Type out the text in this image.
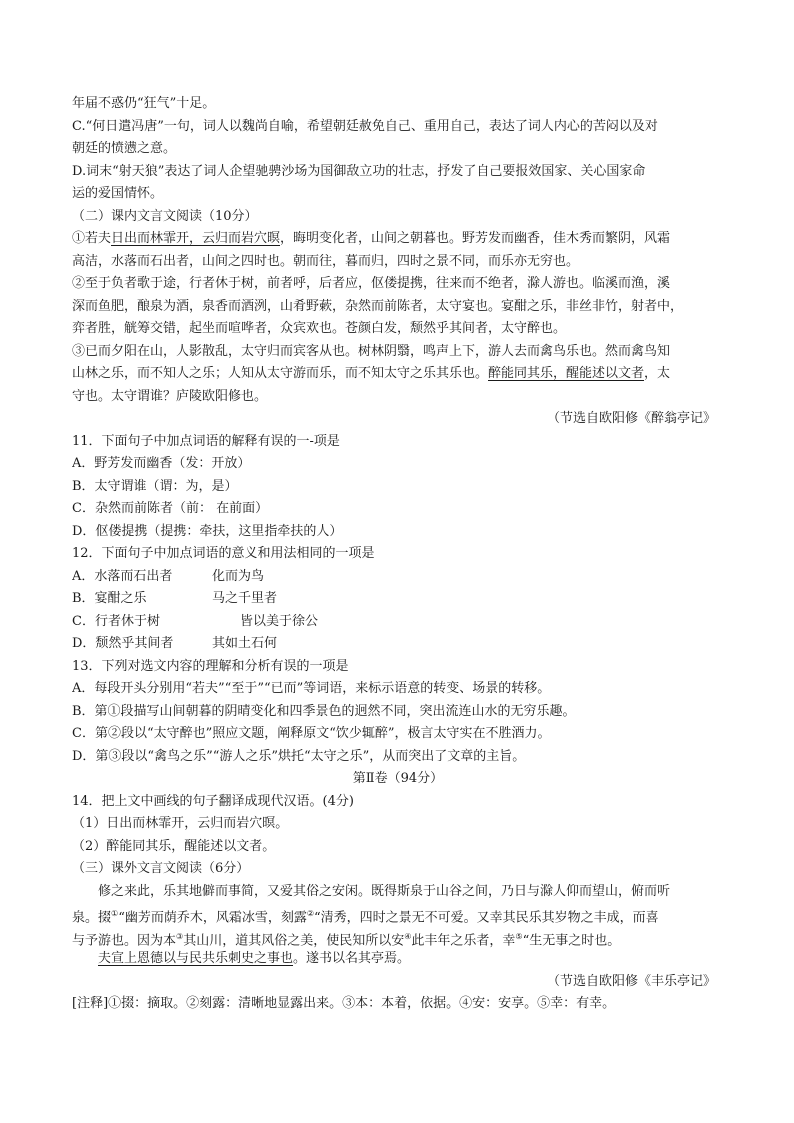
年届不惑仍“狂气”十足。
C.“何日遣冯唐”一句，词人以魏尚自喻，希望朝廷赦免自己、重用自己，表达了词人内心的苦闷以及对
朝廷的愤懑之意。
D.词末“射天狼”表达了词人企望驰骋沙场为国御敌立功的壮志，抒发了自己要报效国家、关心国家命
运的爱国情怀。
（二）课内文言文阅读（10分）
①若夫日出而林霏开，云归而岩穴暝，晦明变化者，山间之朝暮也。野芳发而幽香，佳木秀而繁阴，风霜
高洁，水落而石出者，山间之四时也。朝而往，暮而归，四时之景不同，而乐亦无穷也。
②至于负者歌于途，行者休于树，前者呼，后者应，伛偻提携，往来而不绝者，滁人游也。临溪而渔，溪
深而鱼肥，酿泉为酒，泉香而酒洌，山肴野蔌，杂然而前陈者，太守宴也。宴酣之乐，非丝非竹，射者中，
弈者胜，觥筹交错，起坐而喧哗者，众宾欢也。苍颜白发，颓然乎其间者，太守醉也。
③已而夕阳在山，人影散乱，太守归而宾客从也。树林阴翳，鸣声上下，游人去而禽鸟乐也。然而禽鸟知
山林之乐，而不知人之乐；人知从太守游而乐，而不知太守之乐其乐也。醉能同其乐，醒能述以文者，太
守也。太守谓谁？庐陵欧阳修也。
（节选自欧阳修《醉翁亭记》
11．下面句子中加点词语的解释有误的一-项是
A．野芳发而幽香（发：开放）
B．太守谓谁（谓：为，是）
C．杂然而前陈者（前： 在前面）
D．伛偻提携（提携：牵扶，这里指牵扶的人）
12．下面句子中加点词语的意义和用法相同的一项是
A．水落而石出者	化而为鸟
B．宴酣之乐	马之千里者
C．行者休于树	皆以美于徐公
D．颓然乎其间者	其如土石何
13．下列对选文内容的理解和分析有误的一项是
A．每段开头分别用“若夫”“至于”“已而”等词语，来标示语意的转变、场景的转移。
B．第①段描写山间朝暮的阴晴变化和四季景色的迥然不同，突出流连山水的无穷乐趣。
C．第②段以“太守醉也”照应文题，阐释原文“饮少辄醉”，极言太守实在不胜酒力。
D．第③段以“禽鸟之乐”“游人之乐”烘托“太守之乐”，从而突出了文章的主旨。
第Ⅱ卷（94分）
14．把上文中画线的句子翻译成现代汉语。(4分)
（1）日出而林霏开，云归而岩穴暝。
（2）醉能同其乐，醒能述以文者。
（三）课外文言文阅读（6分）
修之来此，乐其地僻而事简，又爱其俗之安闲。既得斯泉于山谷之间，乃日与滁人仰而望山，俯而听
泉。掇①“幽芳而荫乔木，风霜冰雪，刻露②“清秀，四时之景无不可爱。又幸其民乐其岁物之丰成，而喜
与予游也。因为本③其山川，道其风俗之美，使民知所以安④此丰年之乐者，幸⑤“生无事之时也。
夫宣上恩德以与民共乐刺史之事也。遂书以名其亭焉。
（节选自欧阳修《丰乐亭记》
[注释]①掇：摘取。②刻露：清晰地显露出来。③本：本着，依据。④安：安享。⑤幸：有幸。
